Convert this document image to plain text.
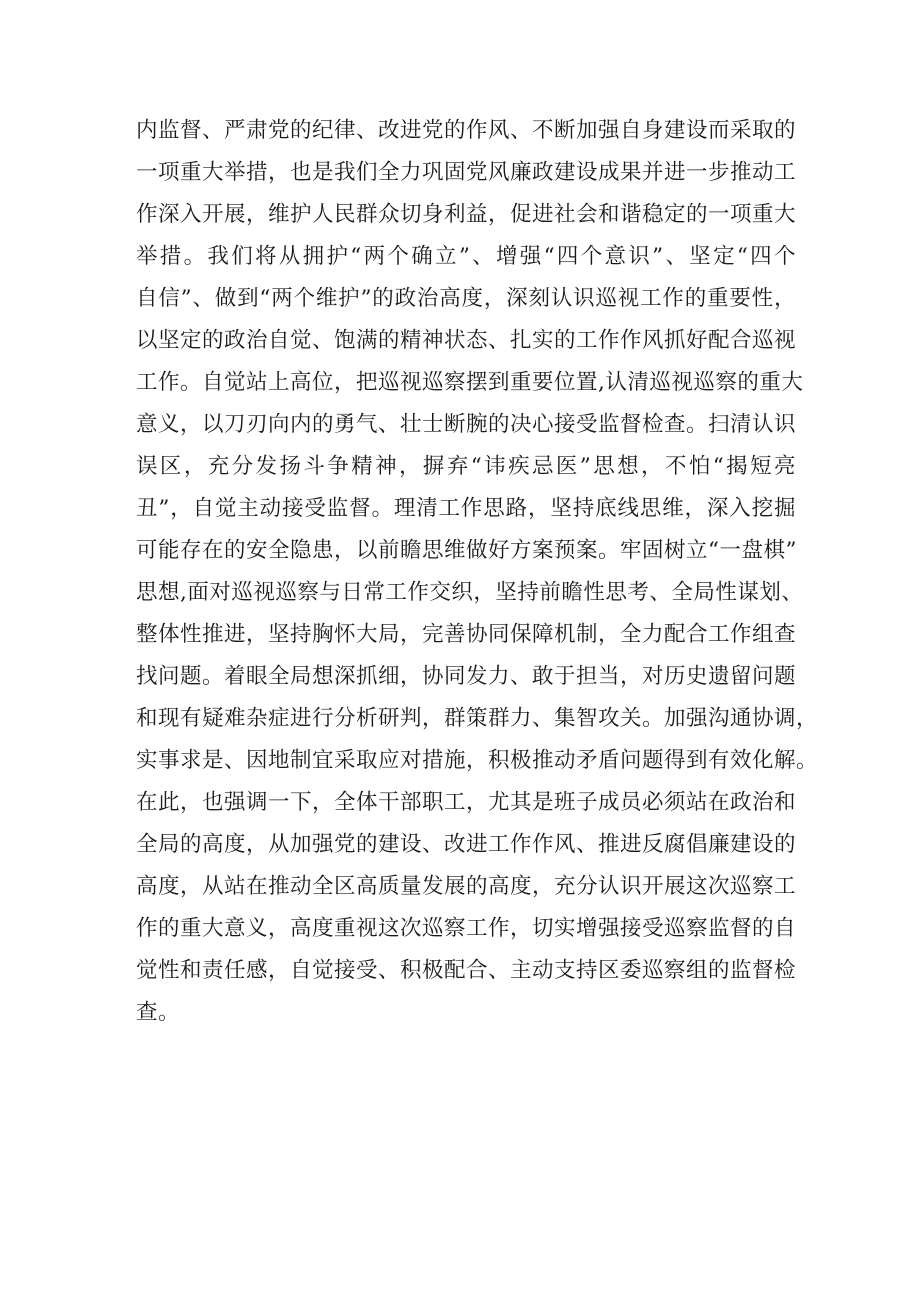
内监督、严肃党的纪律、改进党的作风、不断加强自身建设而采取的
一项重大举措，也是我们全力巩固党风廉政建设成果并进一步推动工
作深入开展，维护人民群众切身利益，促进社会和谐稳定的一项重大
举措。我们将从拥护“两个确立”、增强“四个意识”、坚定“四个
自信”、做到“两个维护”的政治高度，深刻认识巡视工作的重要性，
以坚定的政治自觉、饱满的精神状态、扎实的工作作风抓好配合巡视
工作。自觉站上高位，把巡视巡察摆到重要位置,认清巡视巡察的重大
意义，以刀刃向内的勇气、壮士断腕的决心接受监督检查。扫清认识
误区，充分发扬斗争精神，摒弃“讳疾忌医”思想，不怕“揭短亮
丑”，自觉主动接受监督。理清工作思路，坚持底线思维，深入挖掘
可能存在的安全隐患，以前瞻思维做好方案预案。牢固树立“一盘棋”
思想,面对巡视巡察与日常工作交织，坚持前瞻性思考、全局性谋划、
整体性推进，坚持胸怀大局，完善协同保障机制，全力配合工作组查
找问题。着眼全局想深抓细，协同发力、敢于担当，对历史遗留问题
和现有疑难杂症进行分析研判，群策群力、集智攻关。加强沟通协调，
实事求是、因地制宜采取应对措施，积极推动矛盾问题得到有效化解。
在此，也强调一下，全体干部职工，尤其是班子成员必须站在政治和
全局的高度，从加强党的建设、改进工作作风、推进反腐倡廉建设的
高度，从站在推动全区高质量发展的高度，充分认识开展这次巡察工
作的重大意义，高度重视这次巡察工作，切实增强接受巡察监督的自
觉性和责任感，自觉接受、积极配合、主动支持区委巡察组的监督检
查。
